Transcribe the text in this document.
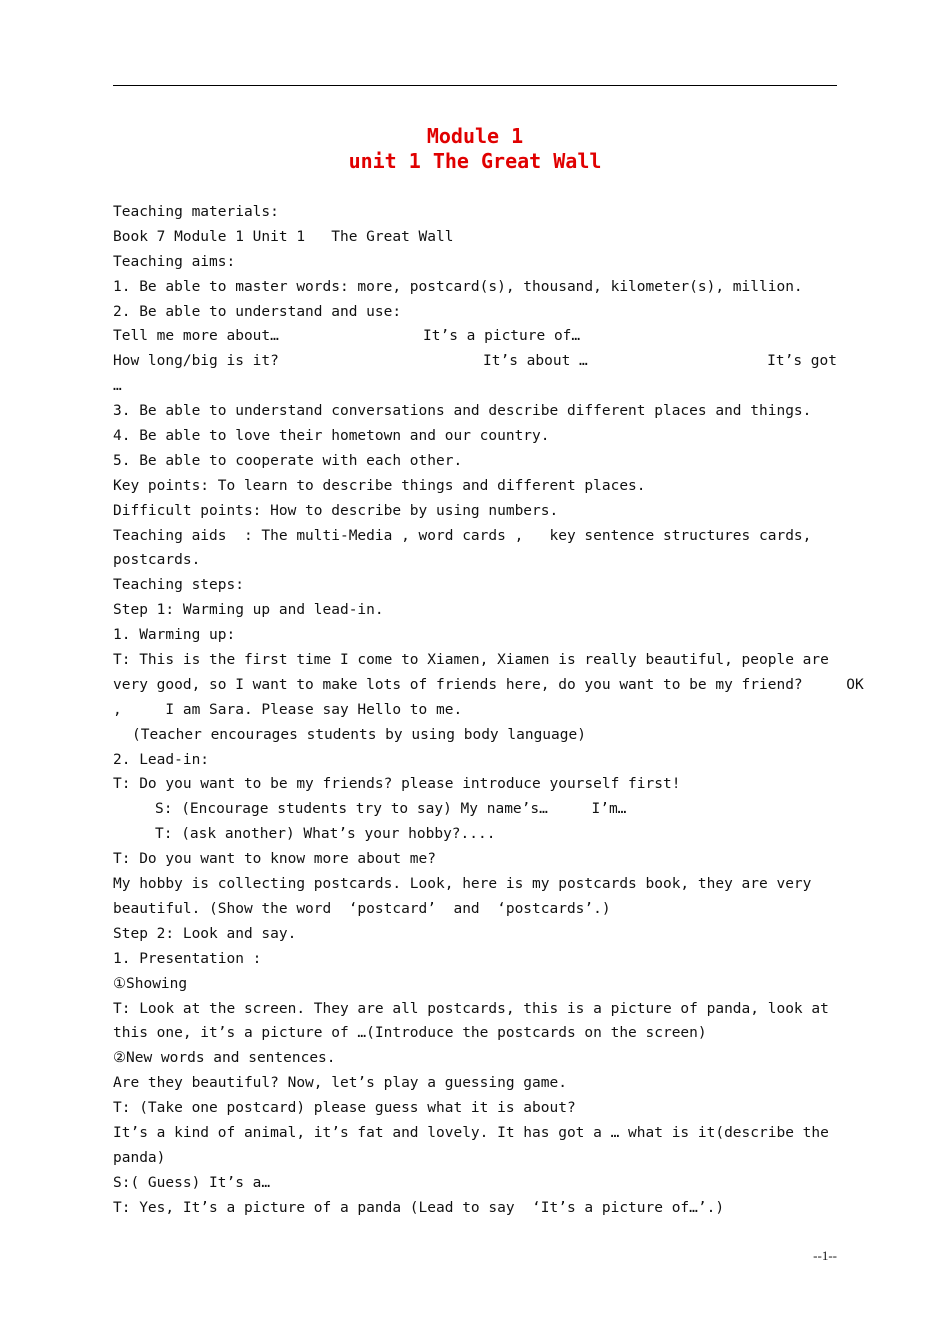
Module 1
unit 1 The Great Wall
Teaching materials:
Book 7 Module 1 Unit 1   The Great Wall
Teaching aims:
1. Be able to master words: more, postcard(s), thousand, kilometer(s), million.
2. Be able to understand and use:

Tell me more about…

	It’s a picture of…

How long/big is it?

	It’s about …

	It’s got

…
3. Be able to understand conversations and describe different places and things.
4. Be able to love their hometown and our country.
5. Be able to cooperate with each other.
Key points: To learn to describe things and different places.
Difficult points: How to describe by using numbers.
Teaching aids  : The multi-Media , word cards ,   key sentence structures cards,
postcards.
Teaching steps:
Step 1: Warming up and lead-in.
1. Warming up:
T: This is the first time I come to Xiamen, Xiamen is really beautiful, people are
very good, so I want to make lots of friends here, do you want to be my friend?     OK
,     I am Sara. Please say Hello to me.
(Teacher encourages students by using body language)
2. Lead-in:
T: Do you want to be my friends? please introduce yourself first!
S: (Encourage students try to say) My name’s…     I’m…
T: (ask another) What’s your hobby?....
T: Do you want to know more about me?
My hobby is collecting postcards. Look, here is my postcards book, they are very
beautiful. (Show the word  ‘postcard’  and  ‘postcards’.)
Step 2: Look and say.
1. Presentation :
①Showing
T: Look at the screen. They are all postcards, this is a picture of panda, look at
this one, it’s a picture of …(Introduce the postcards on the screen)
②New words and sentences.
Are they beautiful? Now, let’s play a guessing game.
T: (Take one postcard) please guess what it is about?
It’s a kind of animal, it’s fat and lovely. It has got a … what is it(describe the
panda)
S:( Guess) It’s a…
T: Yes, It’s a picture of a panda (Lead to say  ‘It’s a picture of…’.)
--1--
